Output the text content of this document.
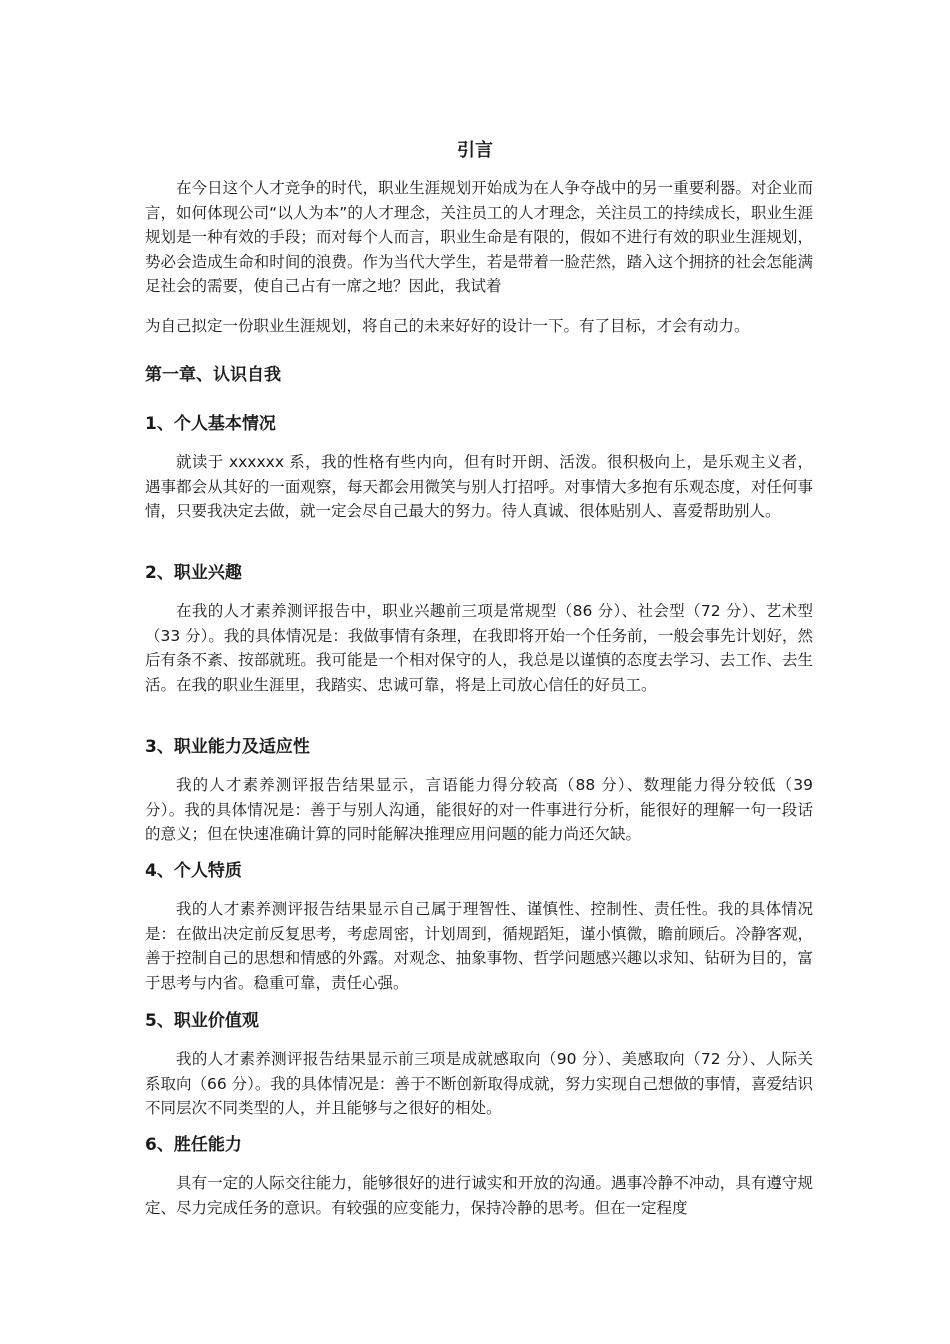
引言

在今日这个人才竞争的时代，职业生涯规划开始成为在人争夺战中的另一重要利器。对企业而言，如何体现公司“以人为本”的人才理念，关注员工的人才理念，关注员工的持续成长，职业生涯规划是一种有效的手段；而对每个人而言，职业生命是有限的，假如不进行有效的职业生涯规划，势必会造成生命和时间的浪费。作为当代大学生，若是带着一脸茫然，踏入这个拥挤的社会怎能满足社会的需要，使自己占有一席之地？因此，我试着

为自己拟定一份职业生涯规划，将自己的未来好好的设计一下。有了目标，才会有动力。

第一章、认识自我
1、个人基本情况

就读于 xxxxxx 系，我的性格有些内向，但有时开朗、活泼。很积极向上，是乐观主义者，遇事都会从其好的一面观察，每天都会用微笑与别人打招呼。对事情大多抱有乐观态度，对任何事情，只要我决定去做，就一定会尽自己最大的努力。待人真诚、很体贴别人、喜爱帮助别人。

2、职业兴趣

在我的人才素养测评报告中，职业兴趣前三项是常规型（86 分）、社会型（72 分）、艺术型（33 分）。我的具体情况是：我做事情有条理，在我即将开始一个任务前，一般会事先计划好，然后有条不紊、按部就班。我可能是一个相对保守的人，我总是以谨慎的态度去学习、去工作、去生活。在我的职业生涯里，我踏实、忠诚可靠，将是上司放心信任的好员工。

3、职业能力及适应性

我的人才素养测评报告结果显示，言语能力得分较高（88 分）、数理能力得分较低（39 分）。我的具体情况是：善于与别人沟通，能很好的对一件事进行分析，能很好的理解一句一段话的意义；但在快速准确计算的同时能解决推理应用问题的能力尚还欠缺。

4、个人特质

我的人才素养测评报告结果显示自己属于理智性、谨慎性、控制性、责任性。我的具体情况是：在做出决定前反复思考，考虑周密，计划周到，循规蹈矩，谨小慎微，瞻前顾后。冷静客观，善于控制自己的思想和情感的外露。对观念、抽象事物、哲学问题感兴趣以求知、钻研为目的，富于思考与内省。稳重可靠，责任心强。

5、职业价值观

我的人才素养测评报告结果显示前三项是成就感取向（90 分）、美感取向（72 分）、人际关系取向（66 分）。我的具体情况是：善于不断创新取得成就，努力实现自己想做的事情，喜爱结识不同层次不同类型的人，并且能够与之很好的相处。

6、胜任能力

具有一定的人际交往能力，能够很好的进行诚实和开放的沟通。遇事冷静不冲动，具有遵守规定、尽力完成任务的意识。有较强的应变能力，保持冷静的思考。但在一定程度
